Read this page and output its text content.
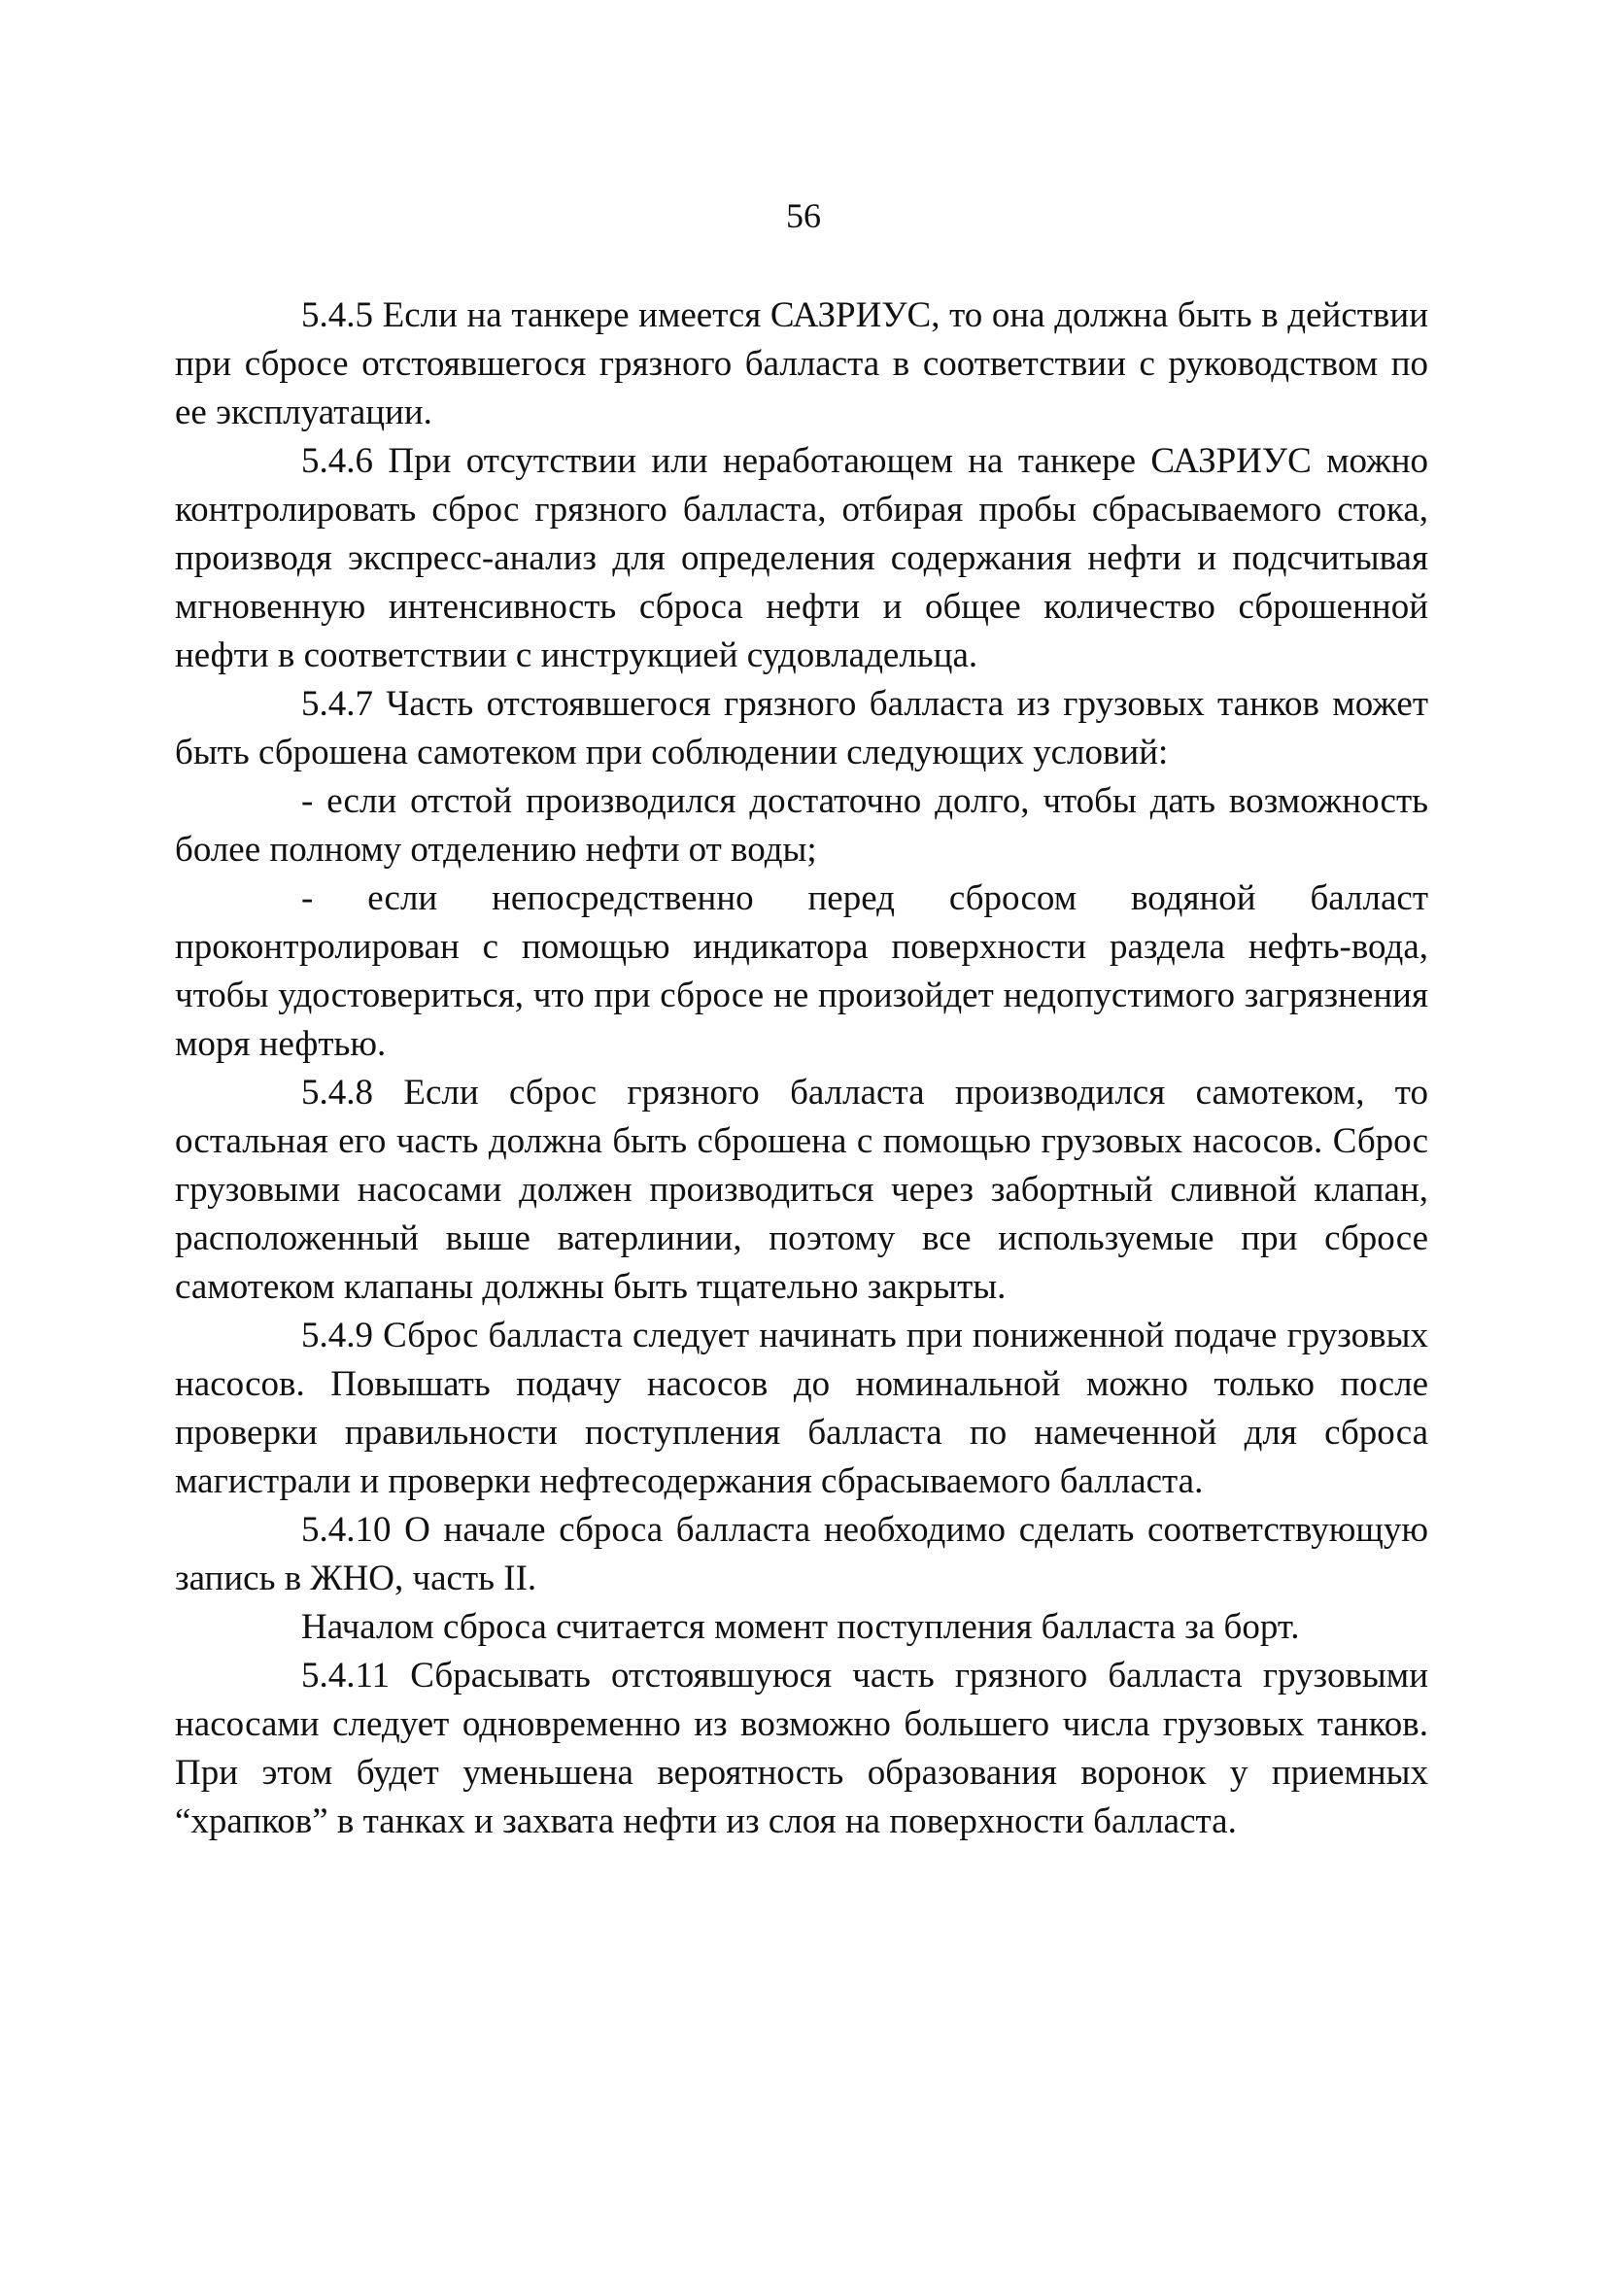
56

5.4.5 Если на танкере имеется САЗРИУС, то она должна быть в действии при сбросе отстоявшегося грязного балласта в соответствии с руководством по ее эксплуатации.

5.4.6 При отсутствии или неработающем на танкере САЗРИУС можно контролировать сброс грязного балласта, отбирая пробы сбрасываемого стока, производя экспресс-анализ для определения содержания нефти и подсчитывая мгновенную интенсивность сброса нефти и общее количество сброшенной нефти в соответствии с инструкцией судовладельца.

5.4.7 Часть отстоявшегося грязного балласта из грузовых танков может быть сброшена самотеком при соблюдении следующих условий:

- если отстой производился достаточно долго, чтобы дать возможность более полному отделению нефти от воды;

- если непосредственно перед сбросом водяной балласт проконтролирован с помощью индикатора поверхности раздела нефть-вода, чтобы удостовериться, что при сбросе не произойдет недопустимого загрязнения моря нефтью.

5.4.8 Если сброс грязного балласта производился самотеком, то остальная его часть должна быть сброшена с помощью грузовых насосов. Сброс грузовыми насосами должен производиться через забортный сливной клапан, расположенный выше ватерлинии, поэтому все используемые при сбросе самотеком клапаны должны быть тщательно закрыты.

5.4.9 Сброс балласта следует начинать при пониженной подаче грузовых насосов. Повышать подачу насосов до номинальной можно только после проверки правильности поступления балласта по намеченной для сброса магистрали и проверки нефтесодержания сбрасываемого балласта.

5.4.10 О начале сброса балласта необходимо сделать соответствующую запись в ЖНО, часть II.

Началом сброса считается момент поступления балласта за борт.

5.4.11 Сбрасывать отстоявшуюся часть грязного балласта грузовыми насосами следует одновременно из возможно большего числа грузовых танков. При этом будет уменьшена вероятность образования воронок у приемных “храпков” в танках и захвата нефти из слоя на поверхности балласта.
